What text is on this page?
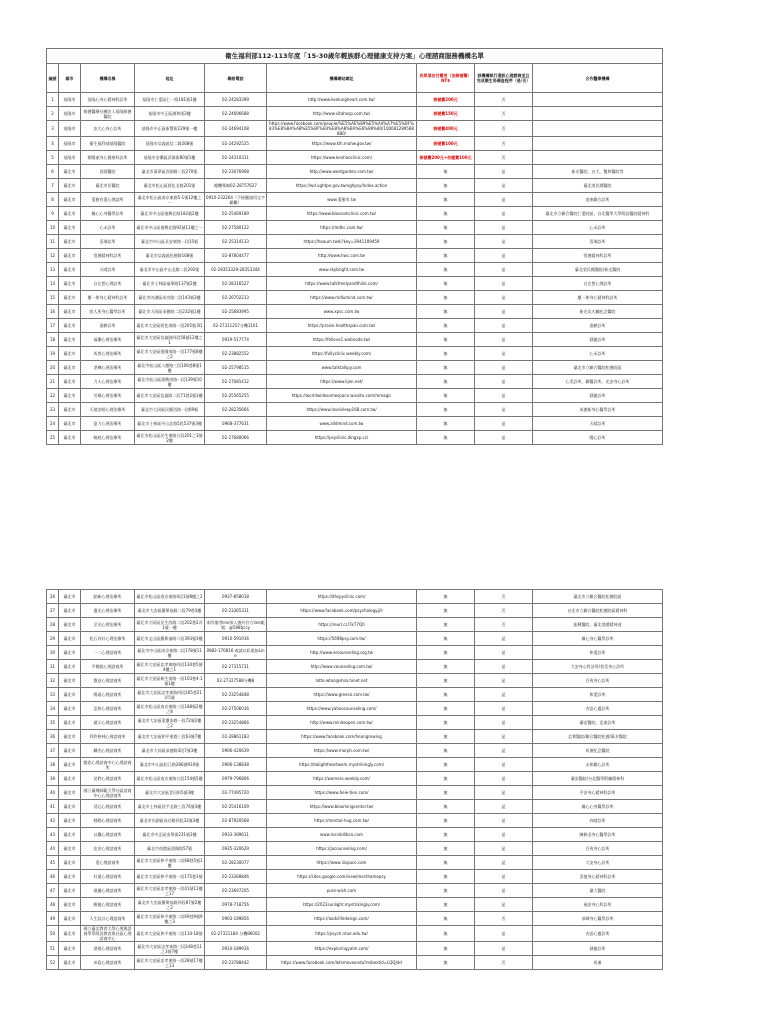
衛生福利部112-113年度「15-30歲年輕族群心理健康支持方案」心理諮商服務機構名單								
編號	縣市	機構名稱	地址	聯絡電話	機構網站網址	民眾須自付費用（加掛號費）NT$	該機構執行通訊心理諮商並且完成衛生局備查程序（是/否）	合作醫療機構
1	基隆市	基隆心身心精神科診所	基隆市仁愛區仁一路181號1樓	02-24283399	http://www.keelungheart.com.tw/	掛號費200元	否	
2	基隆市	維德醫療社團法人基隆維德醫院	基隆市中正區調和街2樓	02-24696688	http://www.vitahosp.com.tw/	掛號費150元	否	
3	基隆市	安大心身心診所	基隆市中正區新豐街229號一樓	02-24694108	https://www.facebook.com/people/%E5%AE%89%E5%A4%A7%E5%BF%83%E8%BA%AB%E5%BF%83%E8%A8%BA%E6%89%80/100081289588880/	掛號費400元	否	
4	基隆市	衛生福利部基隆醫院	基隆市信義區信二路268號	02-24292525	https://www.klh.mohw.gov.tw/	掛號費100元	否	
5	基隆市	朝陽兼身心健康科診所	基隆市安樂區武嶺街80號1樓	02-24310311	https://www.kenhooclinic.com/	掛號費200元+依健費100元	否	
6	臺北市	西園醫院	臺北市萬華區西園路二段270號	02-23076968	http://www.westgarden.com.tw/	無	是	新光醫院、台大、雙和醫院等
7	臺北市	臺北市民醫院	臺北市松山區敦化北路201號	總機專線02-28757627	https://wd.vghtpe.gov.tw/vghpsy/Index.action	無	是	臺北榮民總醫院
8	臺北市	愛雅有愛心理諮所	臺北市松山區南京東路5-1號12樓之一	0910-232264（不接聽請用文字聯繫）	www.愛雅有.tw	無	是	達康聯合診所
9	臺北市	擁心心身醫學診所	臺北市中山區復興北路182號2樓	02-25469189	https://www.blossomclinic.com.tw/	無	是	臺北市立聯合醫院仁愛院區、台北醫學大學附設醫院精神科
10	臺北市	心禾診所	臺北市中山區復興北路92號11樓之一	02-27580122	https://mdhc.com.tw/	無	是	心禾診所
11	臺北市	喜瑞診所	臺北市中山區長安東路一段15號	02-25314133	https://heaum.tw/k?key=3941109459	無	是	喜瑞診所
12	臺北市	恆德精神科診所	臺北市信義區松德路168號	02-87804477	http://www.hwc.com.tw	無	是	恆德精神科診所
13	臺北市	天晴診所	臺北市中山區中山北路二段292號	02-28353329-28353344	www.skybright.com.tw	無	是	臺北榮民總醫院/新光醫院
14	臺北市	自在想心理診所	臺北市士林區福華路137號2樓	02-28316527	https://www.talkfreelyandthink.com/	無	是	自在想心理診所
15	臺北市	慶一郎身心精神科診所	臺北市內湖區成功路二段143號3樓	02-26702213	https://www.mdlumind.com.tw/	無	是	慶一郎身心精神科診所
16	臺北市	欣人所身心醫學診所	臺北市大同區承德路二段232號1樓	02-25683995	www.xpsc.com.tw	無	是	新光吳火獅紀念醫院
17	臺北市	嘉齡診所	臺北市大安區敦化南路一段205號 B1	02-27311257分機1101	https://praise.healthspan.com.tw/	無	是	嘉齡診所
18	臺北市	福樂心理治療所	臺北市大安區信義路四段58號12樓之1	0919-517774	https://fellove1.webnode.tw/	無	是	涵捷診所
19	臺北市	馬普心理治療所	臺北市大安區建國南路一段177號8樓之2	02-23882552	https://fullyclinic.weebly.com/	無	是	心禾診所
20	臺北市	淨樺心理治療所	臺北市松山區八德路三段106巷8號1樓	02-25798515	www.talktalkpy.com	無	是	臺北市立聯合醫院松德院區
21	臺北市	力人心理治療所	臺北市松山區復興南路一段139號10樓	02-27081412	https://www.lijen.net/	無	是	心美診所、聯醫診所、光安身心診所
22	臺北市	芳鄰心理治療所	臺北市大安區信義路二段71巷2號1樓	02-25565255	https://worldwidesomespace.wixsite.com/mmagic	無	是	涵捷診所
23	臺北市	天境安眠心理治療所	臺北市大同區民權西路一段69號	02-28235666	https://www.loveisleep168.com.tw/	無	是	成德新身心醫學診所
24	臺北市	夏力心理治療所	臺北市士林區中山北路5段537號3樓	0968-377631	www.alldmind.com.tw	無	是	天晴診所
25	臺北市	蜕綻心理治療所	臺北市松山區民生東路五段201之3號2樓	02-27680066	https://psyclinic.dingxp.cc/	無	是	陽心診所
26	臺北市	點新心理治療所	臺北市松山區南京東路4段1號8樓之2	0937-858018	https://dhspyclinic.com/	無	否	臺北市立聯合醫院松德院區
27	臺北市	靈光心理治療所	臺北市大安區羅斯福路二段79巷3樓	02-23365311	https://www.facebook.com/psychology.jill	無	否	台北市立聯合醫院松德院區精神科
28	臺北市	至光心理治療所	臺北市大同區民生西路二段202巷2弄1號一樓	本所僅用line加入後約官方line帳號：@598tjccy	https://reurl.cc/7k77Q0	無	否	振興醫院、臺北榮總精神部
29	臺北市	松石尚好心理治療所	臺北市文山區羅斯福路六段393號3樓	0910-591916	https://5698psy.com.tw/	無	是	擁心身心醫學診所
30	臺北市	一二心理諮商所	臺北市中山區南京東路二段178號11樓	0982-170816 或請以私電接Line	http://www.eroounseling.org.tw	無	是	和愛診所
31	臺北市	平衡點心理諮商所	臺北市大安區忠孝東路四段134巷5號4樓之1	02-27315731	http://www.counseling.com.tw/	無	是	大安身心科診所/晉美身心診所
32	臺北市	微意心理諮商所	臺北市大安區新生南路一段103巷4-1號1樓	02-27327588分機8	latte.wtoo@msa.hinet.net	無	是	百致身心診所
33	臺北市	陽遠心理諮商所	臺北市大安區忠孝東路四段265巷21弄5號	02-23254848	https://www.greeco.com.tw/	無	是	和愛診所
34	臺北市	亞和心理諮商所	臺北市松山區南京東路三段188號2樓之8	02-27506016	https://www.yahoocounseling.com/	無	是	杏語心靈診所
35	臺北市	啟示心理諮商所	臺北市大安區重慶南路一段72號2樓之2	02-23254866	http://www.mindsopen.com.tw/	無	是	臺安醫院、亞東診所
36	臺北市	利伶格林心理諮商所	臺北市大安區和平東路三段63號7樓	02-28861183	https://www.facebook.com/hearigrowing	無	是	亞實醫院/聯合醫院松德/萬芳醫院
37	臺北市	麟杰心理諮商所	臺北市大同區承德路3段7號3樓	0906-420639	https://www.morph.com.tw/	無	是	馬偕紀念醫院
38	臺北市	勤思心理諮商中心心理諮商所	臺北市中山區松江路286號910號	0906-138838	https://twlightheartwork.mystrikingly.com/	無	是	永和聯心診所
39	臺北市	見們心理諮商所	臺北市松山區南京東路五段154號5樓	0979-796806	https://wemess.weebly.com/	無	是	臺安醫院/台北醫學附屬精神科
40	臺北市	國立臺灣師範大學社區諮商中心心理諮商所	臺北市大安區青田街5號3樓	02-77495720	https://www.heie-tien.com/	無	是	平安身心精神科診所
41	臺北市	延芯心理諮商所	臺北市士林區延平北路三段76號3樓	02-25416109	https://www.bloomingcenter.tw/	無	是	擁心心身醫學診所
42	臺北市	膝動心理諮商所	臺北市內湖區成功路四段32號3樓	02-87920568	https://mental-hug.com.tw/	無	是	尚晴診所
43	臺北市	以馨心理諮商所	臺北市中正區金華街231號3樓	0933-389611	www.insinbilibco.com	無	是	陳修羽身心醫學診所
44	臺北市	佳安心理諮商所	臺北市南港區重陽路57號	0935-320629	https://jacounseling.com/	無	是	百致身心診所
45	臺北市	愛心理諮商所	臺北市大安區和平東路二段68巷5號1樓	02-28230077	https://www.iiispace.com	無	是	大安身心診所
46	臺北市	好蒲心理諮商所	臺北市大安區和平東路一段175巷3號	02-23368846	https://sites.google.com/view/mecthamepsy	無	是	喜憶身心精神科診所
47	臺北市	現播心理諮商所	臺北市大安區忠孝東路一段41號11樓之17	02-23697205	pure-wish.com	無	是	臺大醫院
48	臺北市	勝婕心理諮商所	臺北市大安區羅斯福路四段87號2樓之2	0978-718756	https://2022sunlight.mystrikingly.com/	無	是	福安身心科診所
49	臺北市	人生設計心理諮商所	臺北市大安區和平東路二段69巷9號9樓之3	0903-189856	https://aodclifedesign.com/	無	否	承暉身心醫學診所
50	臺北市	國立臺北教育大學心理與諮商學系附設教育與社區心理諮商中心	臺北市大安區和平東路二段134-18號	02-27321184 分機86002	https://psych.ntue.edu.tw/	無	是	杏語心靈診所
51	臺北市	漂遊心理諮商所	臺北市大安區忠孝東路三段248巷11之3號7樓	0910-189916	https://exploringyalm.com/	無	是	涵捷診所
52	臺北市	冰島心理諮商所	臺北市大安區忠孝東路一段28號17樓之13	02-23788442	https://www.facebook.com/letsmoveonda?mibextid=LQQJ4d	無	否	馬偕
